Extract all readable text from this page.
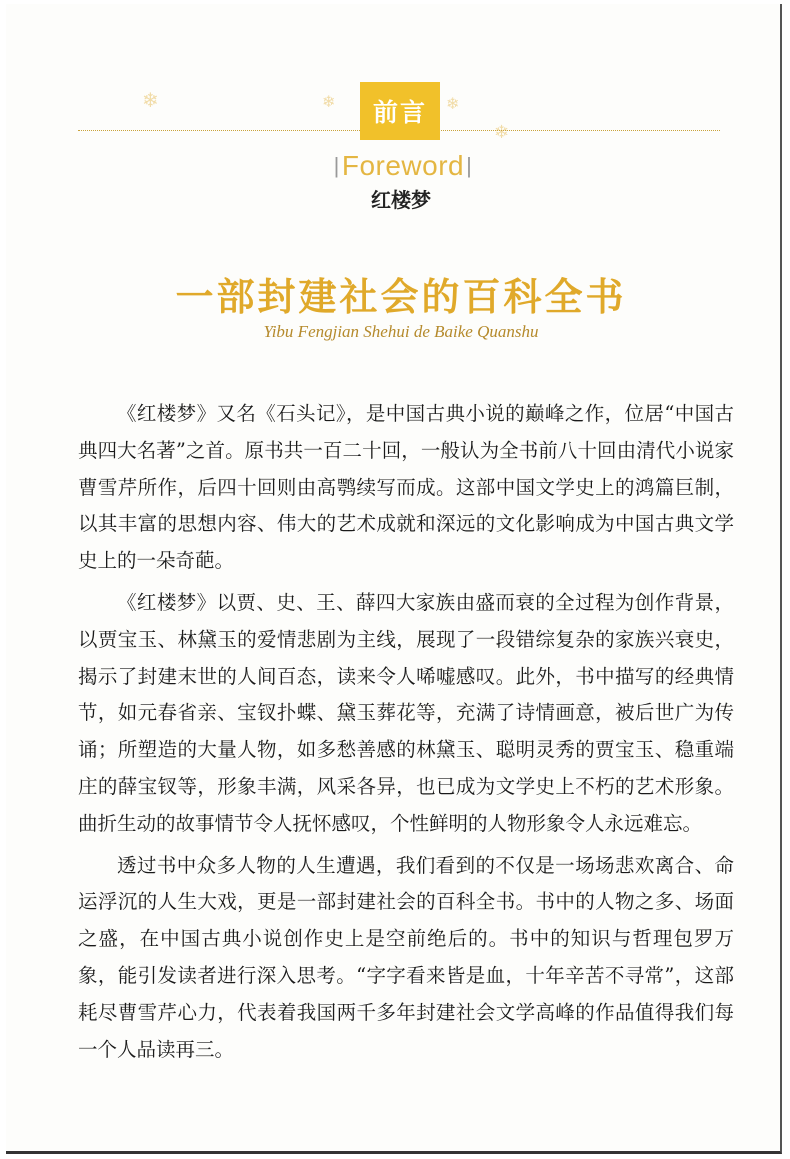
❄	❄	❄
❄
前言
| Foreword |
红楼梦
一部封建社会的百科全书
Yibu Fengjian Shehui de Baike Quanshu

《红楼梦》又名《石头记》，是中国古典小说的巅峰之作，位居“中国古典四大名著”之首。原书共一百二十回，一般认为全书前八十回由清代小说家曹雪芹所作，后四十回则由高鹗续写而成。这部中国文学史上的鸿篇巨制，以其丰富的思想内容、伟大的艺术成就和深远的文化影响成为中国古典文学史上的一朵奇葩。

《红楼梦》以贾、史、王、薛四大家族由盛而衰的全过程为创作背景，以贾宝玉、林黛玉的爱情悲剧为主线，展现了一段错综复杂的家族兴衰史，揭示了封建末世的人间百态，读来令人唏嘘感叹。此外，书中描写的经典情节，如元春省亲、宝钗扑蝶、黛玉葬花等，充满了诗情画意，被后世广为传诵；所塑造的大量人物，如多愁善感的林黛玉、聪明灵秀的贾宝玉、稳重端庄的薛宝钗等，形象丰满，风采各异，也已成为文学史上不朽的艺术形象。曲折生动的故事情节令人抚怀感叹，个性鲜明的人物形象令人永远难忘。

透过书中众多人物的人生遭遇，我们看到的不仅是一场场悲欢离合、命运浮沉的人生大戏，更是一部封建社会的百科全书。书中的人物之多、场面之盛，在中国古典小说创作史上是空前绝后的。书中的知识与哲理包罗万象，能引发读者进行深入思考。“字字看来皆是血，十年辛苦不寻常”，这部耗尽曹雪芹心力，代表着我国两千多年封建社会文学高峰的作品值得我们每一个人品读再三。
